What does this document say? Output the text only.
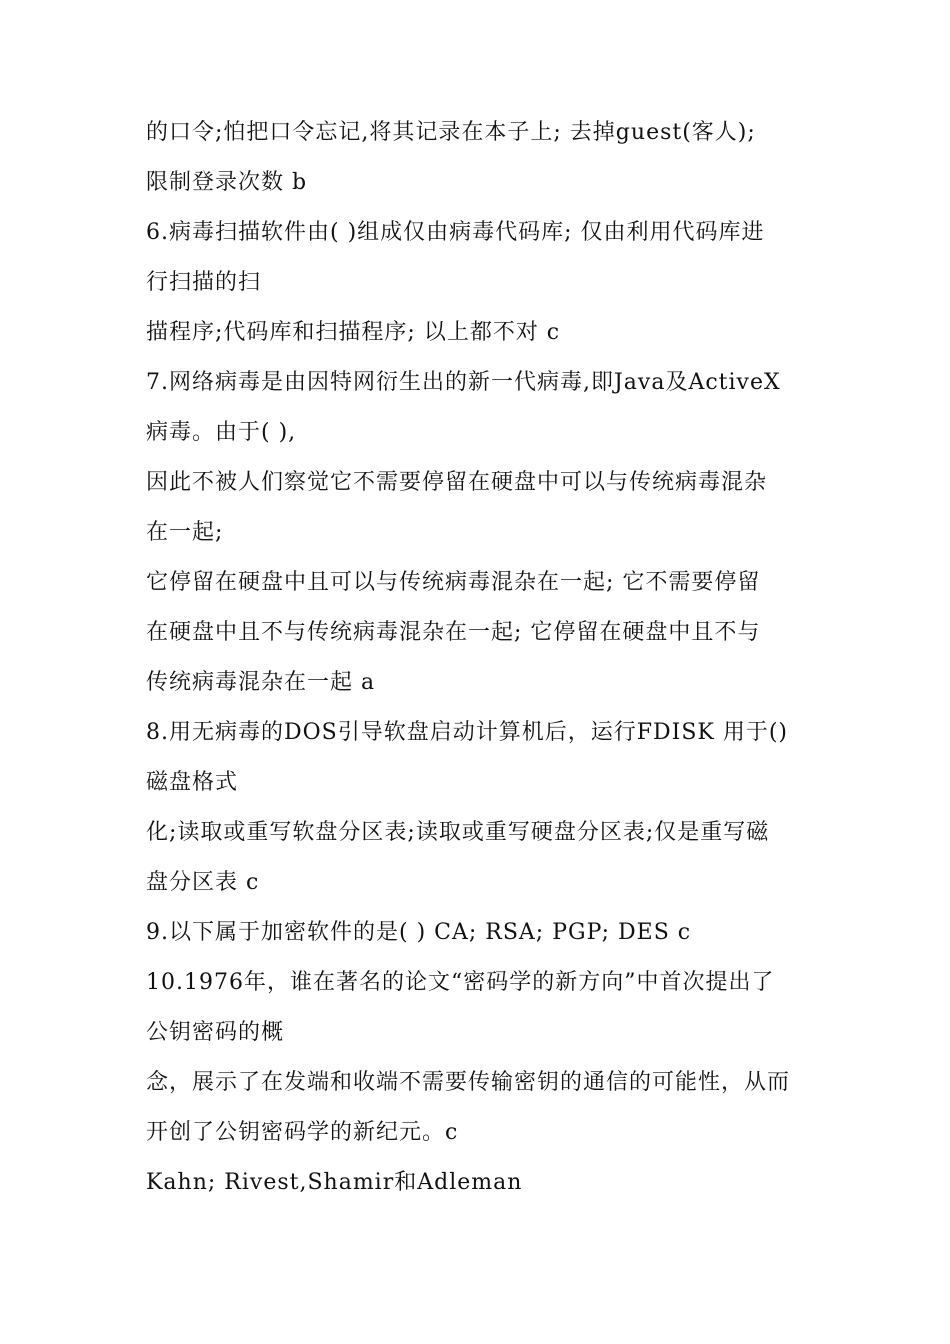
的口令;怕把口令忘记,将其记录在本子上; 去掉guest(客人);
限制登录次数 b
6.病毒扫描软件由( )组成仅由病毒代码库; 仅由利用代码库进
行扫描的扫
描程序;代码库和扫描程序; 以上都不对 c
7.网络病毒是由因特网衍生出的新一代病毒,即Java及ActiveX
病毒。由于( ),
因此不被人们察觉它不需要停留在硬盘中可以与传统病毒混杂
在一起;
它停留在硬盘中且可以与传统病毒混杂在一起; 它不需要停留
在硬盘中且不与传统病毒混杂在一起; 它停留在硬盘中且不与
传统病毒混杂在一起 a
8.用无病毒的DOS引导软盘启动计算机后，运行FDISK 用于()
磁盘格式
化;读取或重写软盘分区表;读取或重写硬盘分区表;仅是重写磁
盘分区表 c
9.以下属于加密软件的是( ) CA; RSA; PGP; DES c
10.1976年，谁在著名的论文“密码学的新方向”中首次提出了
公钥密码的概
念，展示了在发端和收端不需要传输密钥的通信的可能性，从而
开创了公钥密码学的新纪元。c
Kahn; Rivest,Shamir和Adleman
